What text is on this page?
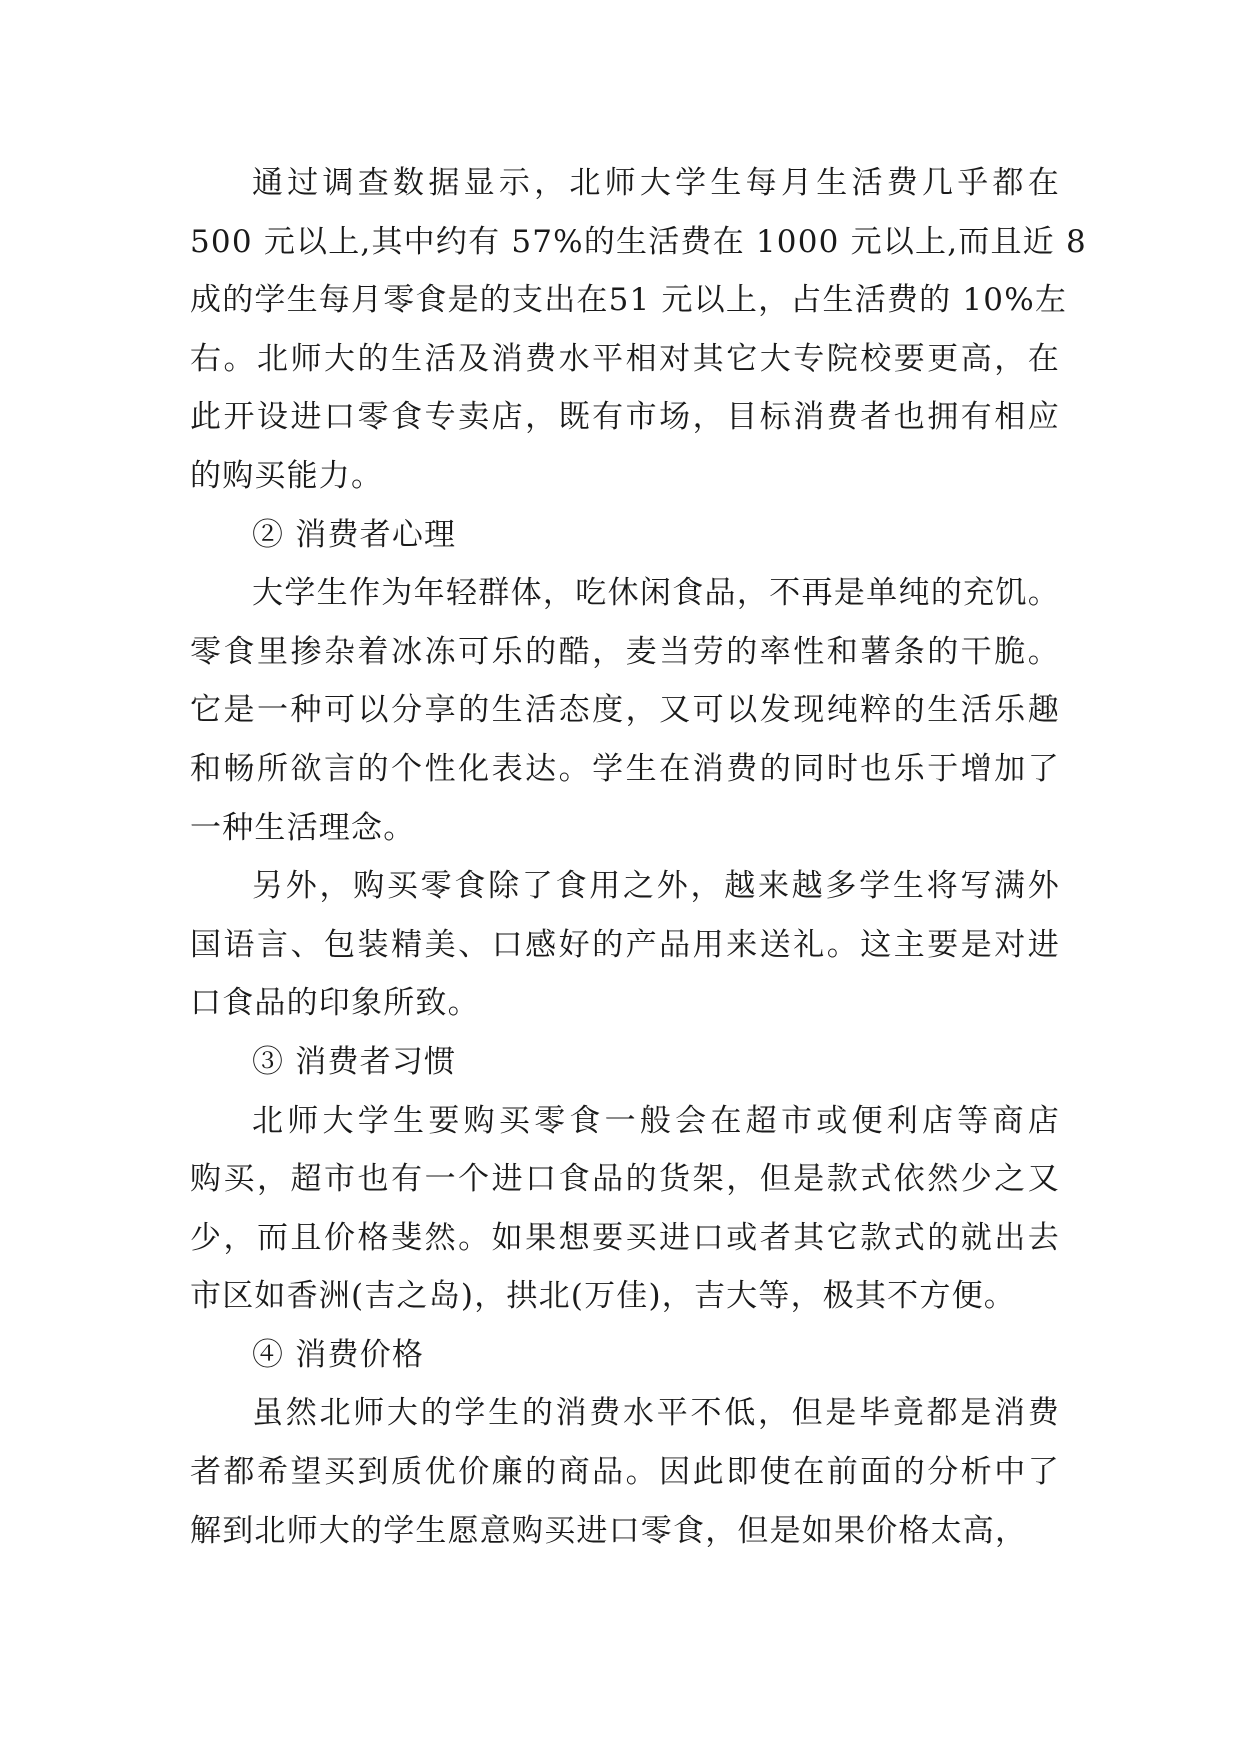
通过调查数据显示，北师大学生每月生活费几乎都在
500 元以上,其中约有 57%的生活费在 1000 元以上,而且近 8
成的学生每月零食是的支出在51 元以上，占生活费的 10%左
右。北师大的生活及消费水平相对其它大专院校要更高，在
此开设进口零食专卖店，既有市场，目标消费者也拥有相应
的购买能力。
② 消费者心理
大学生作为年轻群体，吃休闲食品，不再是单纯的充饥。
零食里掺杂着冰冻可乐的酷，麦当劳的率性和薯条的干脆。
它是一种可以分享的生活态度，又可以发现纯粹的生活乐趣
和畅所欲言的个性化表达。学生在消费的同时也乐于增加了
一种生活理念。
另外，购买零食除了食用之外，越来越多学生将写满外
国语言、包装精美、口感好的产品用来送礼。这主要是对进
口食品的印象所致。
③ 消费者习惯
北师大学生要购买零食一般会在超市或便利店等商店
购买，超市也有一个进口食品的货架，但是款式依然少之又
少，而且价格斐然。如果想要买进口或者其它款式的就出去
市区如香洲(吉之岛)，拱北(万佳)，吉大等，极其不方便。
④ 消费价格
虽然北师大的学生的消费水平不低，但是毕竟都是消费
者都希望买到质优价廉的商品。因此即使在前面的分析中了
解到北师大的学生愿意购买进口零食，但是如果价格太高，
